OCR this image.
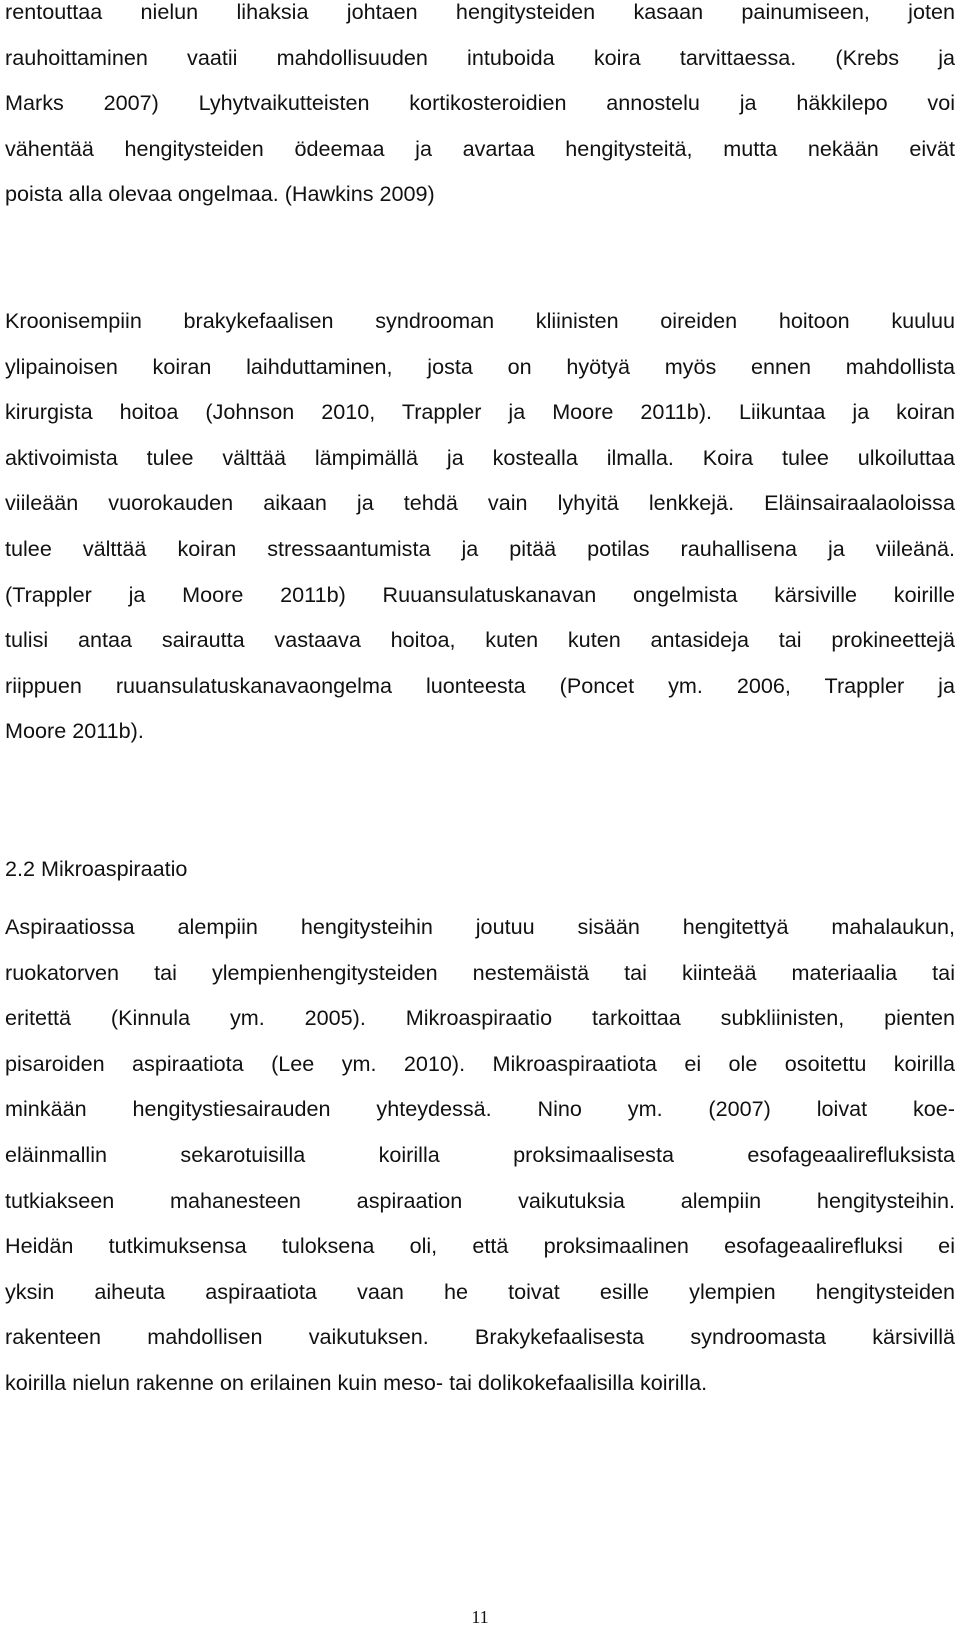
rentouttaa nielun lihaksia johtaen hengitysteiden kasaan painumiseen, joten
rauhoittaminen vaatii mahdollisuuden intuboida koira tarvittaessa. (Krebs ja
Marks 2007) Lyhytvaikutteisten kortikosteroidien annostelu ja häkkilepo voi
vähentää hengitysteiden ödeemaa ja avartaa hengitysteitä, mutta nekään eivät
poista alla olevaa ongelmaa. (Hawkins 2009)
Kroonisempiin brakykefaalisen syndrooman kliinisten oireiden hoitoon kuuluu
ylipainoisen koiran laihduttaminen, josta on hyötyä myös ennen mahdollista
kirurgista hoitoa (Johnson 2010, Trappler ja Moore 2011b). Liikuntaa ja koiran
aktivoimista tulee välttää lämpimällä ja kostealla ilmalla. Koira tulee ulkoiluttaa
viileään vuorokauden aikaan ja tehdä vain lyhyitä lenkkejä. Eläinsairaalaoloissa
tulee välttää koiran stressaantumista ja pitää potilas rauhallisena ja viileänä.
(Trappler ja Moore 2011b) Ruuansulatuskanavan ongelmista kärsiville koirille
tulisi antaa sairautta vastaava hoitoa, kuten kuten antasideja tai prokineettejä
riippuen ruuansulatuskanavaongelma luonteesta (Poncet ym. 2006, Trappler ja
Moore 2011b).
2.2 Mikroaspiraatio
Aspiraatiossa alempiin hengitysteihin joutuu sisään hengitettyä mahalaukun,
ruokatorven tai ylempienhengitysteiden nestemäistä tai kiinteää materiaalia tai
eritettä (Kinnula ym. 2005). Mikroaspiraatio tarkoittaa subkliinisten, pienten
pisaroiden aspiraatiota (Lee ym. 2010). Mikroaspiraatiota ei ole osoitettu koirilla
minkään hengitystiesairauden yhteydessä. Nino ym. (2007) loivat koe-
eläinmallin sekarotuisilla koirilla proksimaalisesta esofageaalirefluksista
tutkiakseen mahanesteen aspiraation vaikutuksia alempiin hengitysteihin.
Heidän tutkimuksensa tuloksena oli, että proksimaalinen esofageaalirefluksi ei
yksin aiheuta aspiraatiota vaan he toivat esille ylempien hengitysteiden
rakenteen mahdollisen vaikutuksen. Brakykefaalisesta syndroomasta kärsivillä
koirilla nielun rakenne on erilainen kuin meso- tai dolikokefaalisilla koirilla.
11
